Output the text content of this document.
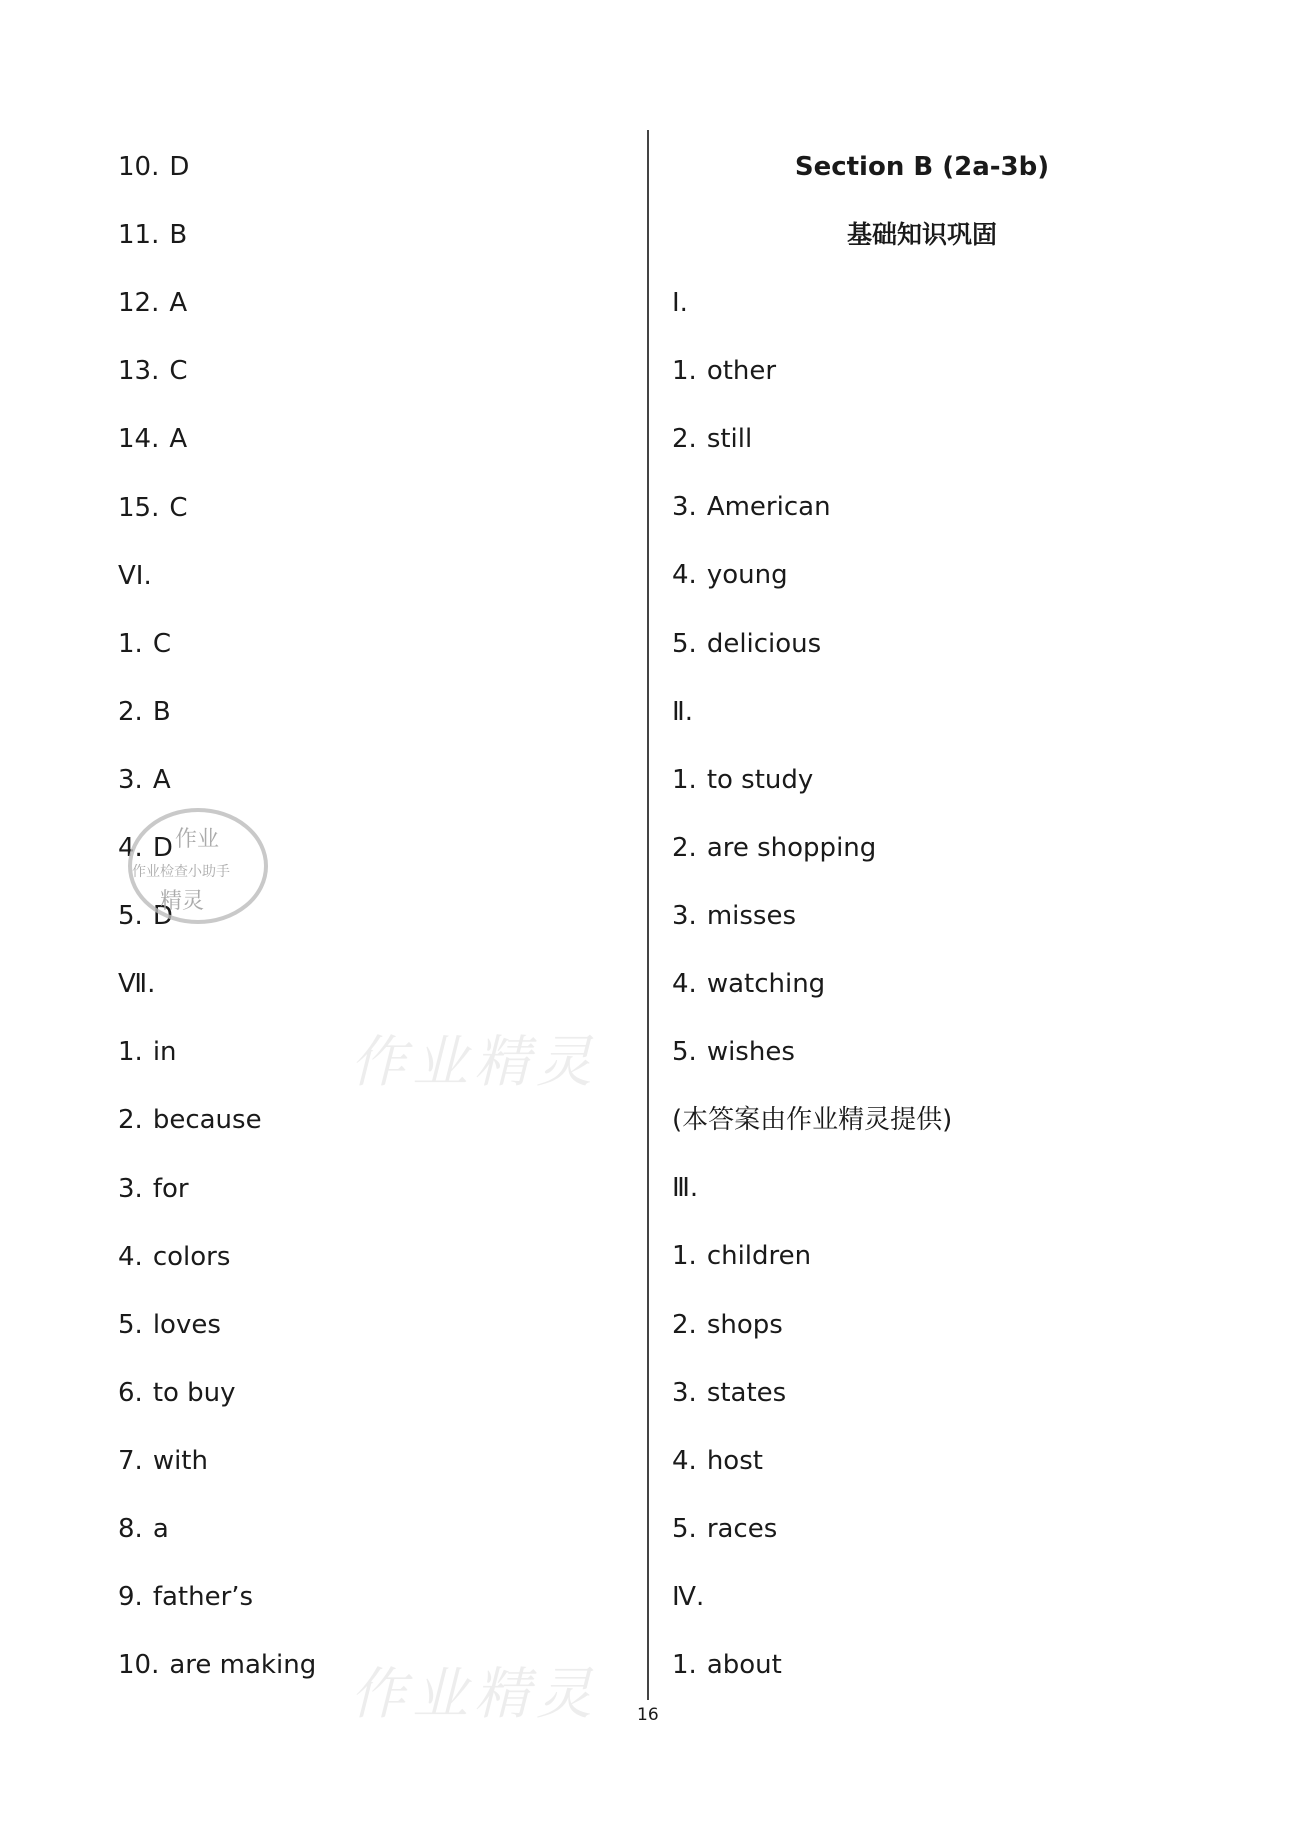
10. D
11. B
12. A
13. C
14. A
15. C
VI.
1. C
2. B
3. A
4. D
5. D
Ⅶ.
1. in
2. because
3. for
4. colors
5. loves
6. to buy
7. with
8. a
9. father’s
10. are making
Section B (2a-3b)
基础知识巩固
Ⅰ.
1. other
2. still
3. American
4. young
5. delicious
Ⅱ.
1. to study
2. are shopping
3. misses
4. watching
5. wishes
(本答案由作业精灵提供)
Ⅲ.
1. children
2. shops
3. states
4. host
5. races
Ⅳ.
1. about
作业精灵
作业精灵
作业
作业检查小助手
精灵
16
